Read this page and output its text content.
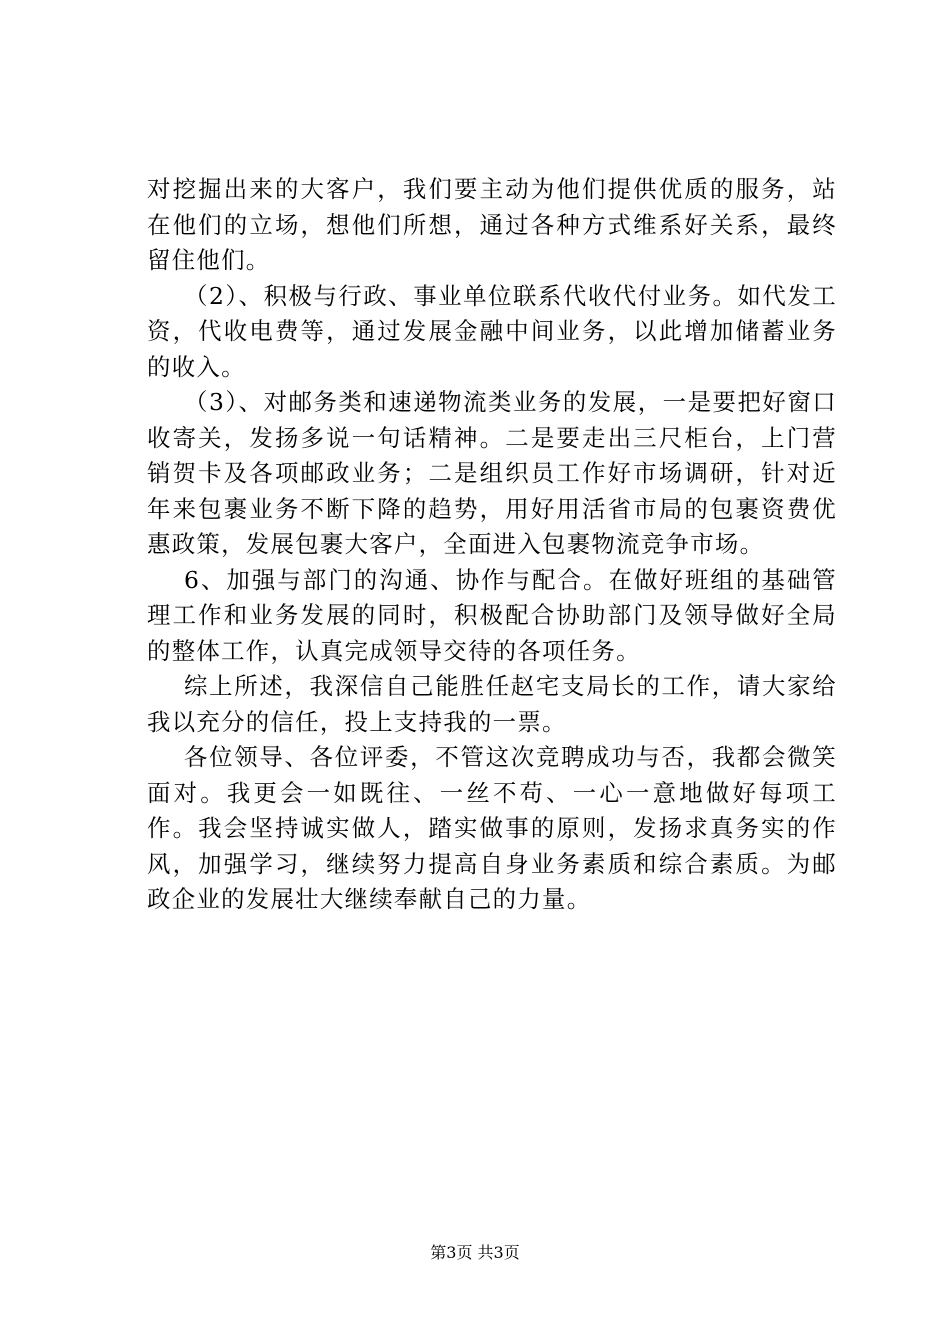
对挖掘出来的大客户，我们要主动为他们提供优质的服务，站在他们的立场，想他们所想，通过各种方式维系好关系，最终留住他们。

（2）、积极与行政、事业单位联系代收代付业务。如代发工资，代收电费等，通过发展金融中间业务，以此增加储蓄业务的收入。

（3）、对邮务类和速递物流类业务的发展，一是要把好窗口收寄关，发扬多说一句话精神。二是要走出三尺柜台，上门营销贺卡及各项邮政业务；二是组织员工作好市场调研，针对近年来包裹业务不断下降的趋势，用好用活省市局的包裹资费优惠政策，发展包裹大客户，全面进入包裹物流竞争市场。

6、加强与部门的沟通、协作与配合。在做好班组的基础管理工作和业务发展的同时，积极配合协助部门及领导做好全局的整体工作，认真完成领导交待的各项任务。

综上所述，我深信自己能胜任赵宅支局长的工作，请大家给我以充分的信任，投上支持我的一票。

各位领导、各位评委，不管这次竞聘成功与否，我都会微笑面对。我更会一如既往、一丝不苟、一心一意地做好每项工作。我会坚持诚实做人，踏实做事的原则，发扬求真务实的作风，加强学习，继续努力提高自身业务素质和综合素质。为邮政企业的发展壮大继续奉献自己的力量。

第3页 共3页
